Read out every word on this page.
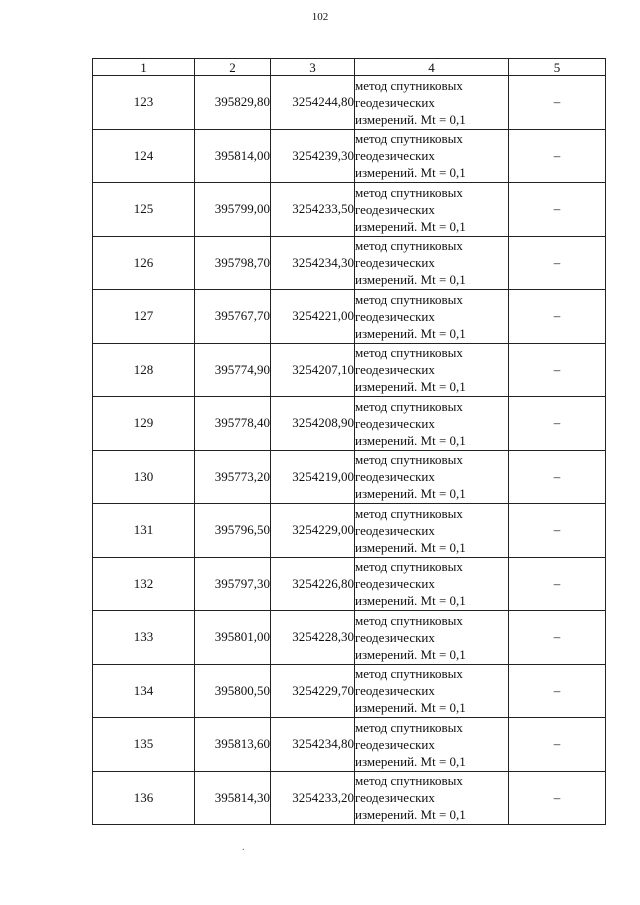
102
1	2	3	4	5
123	395829,80	3254244,80	метод спутниковых
геодезических
измерений. Mt = 0,1	–
124	395814,00	3254239,30	метод спутниковых
геодезических
измерений. Mt = 0,1	–
125	395799,00	3254233,50	метод спутниковых
геодезических
измерений. Mt = 0,1	–
126	395798,70	3254234,30	метод спутниковых
геодезических
измерений. Mt = 0,1	–
127	395767,70	3254221,00	метод спутниковых
геодезических
измерений. Mt = 0,1	–
128	395774,90	3254207,10	метод спутниковых
геодезических
измерений. Mt = 0,1	–
129	395778,40	3254208,90	метод спутниковых
геодезических
измерений. Mt = 0,1	–
130	395773,20	3254219,00	метод спутниковых
геодезических
измерений. Mt = 0,1	–
131	395796,50	3254229,00	метод спутниковых
геодезических
измерений. Mt = 0,1	–
132	395797,30	3254226,80	метод спутниковых
геодезических
измерений. Mt = 0,1	–
133	395801,00	3254228,30	метод спутниковых
геодезических
измерений. Mt = 0,1	–
134	395800,50	3254229,70	метод спутниковых
геодезических
измерений. Mt = 0,1	–
135	395813,60	3254234,80	метод спутниковых
геодезических
измерений. Mt = 0,1	–
136	395814,30	3254233,20	метод спутниковых
геодезических
измерений. Mt = 0,1	–
.
